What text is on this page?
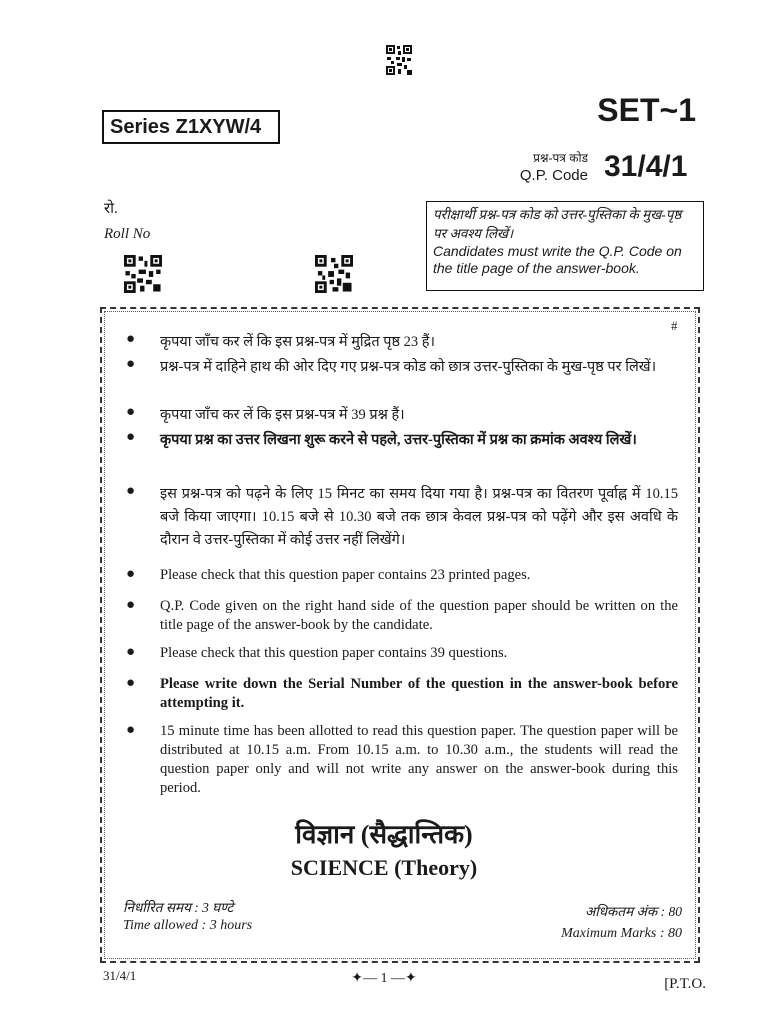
Series Z1XYW/4	SET~1
प्रश्न-पत्र कोड
Q.P. Code 31/4/1
रो.
Roll No
परीक्षार्थी प्रश्न-पत्र कोड को उत्तर-पुस्तिका के मुख-पृष्ठ पर अवश्य लिखें।
Candidates must write the Q.P. Code on the title page of the answer-book.
#
● कृपया जाँच कर लें कि इस प्रश्न-पत्र में मुद्रित पृष्ठ 23 हैं।
● प्रश्न-पत्र में दाहिने हाथ की ओर दिए गए प्रश्न-पत्र कोड को छात्र उत्तर-पुस्तिका के मुख-पृष्ठ पर लिखें।
● कृपया जाँच कर लें कि इस प्रश्न-पत्र में 39 प्रश्न हैं।
● कृपया प्रश्न का उत्तर लिखना शुरू करने से पहले, उत्तर-पुस्तिका में प्रश्न का क्रमांक अवश्य लिखें।
● इस प्रश्न-पत्र को पढ़ने के लिए 15 मिनट का समय दिया गया है। प्रश्न-पत्र का वितरण पूर्वाह्न में 10.15 बजे किया जाएगा। 10.15 बजे से 10.30 बजे तक छात्र केवल प्रश्न-पत्र को पढ़ेंगे और इस अवधि के दौरान वे उत्तर-पुस्तिका में कोई उत्तर नहीं लिखेंगे।
● Please check that this question paper contains 23 printed pages.
● Q.P. Code given on the right hand side of the question paper should be written on the title page of the answer-book by the candidate.
● Please check that this question paper contains 39 questions.
● Please write down the Serial Number of the question in the answer-book before attempting it.
● 15 minute time has been allotted to read this question paper. The question paper will be distributed at 10.15 a.m. From 10.15 a.m. to 10.30 a.m., the students will read the question paper only and will not write any answer on the answer-book during this period.
विज्ञान (सैद्धान्तिक)
SCIENCE (Theory)
निर्धारित समय : 3 घण्टे
Time allowed : 3 hours
अधिकतम अंक : 80
Maximum Marks : 80
31/4/1	✦— 1 —✦	[P.T.O.
